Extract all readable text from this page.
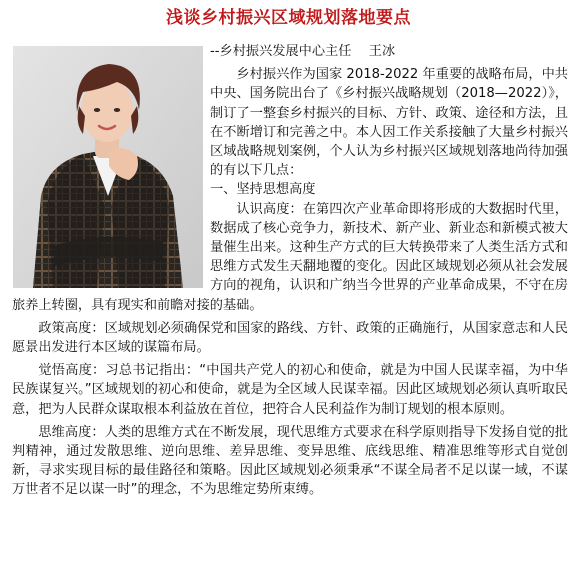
浅谈乡村振兴区域规划落地要点

--乡村振兴发展中心主任　 王冰

乡村振兴作为国家 2018-2022 年重要的战略布局，中共中央、国务院出台了《乡村振兴战略规划（2018—2022）》，制订了一整套乡村振兴的目标、方针、政策、途径和方法，且在不断增订和完善之中。本人因工作关系接触了大量乡村振兴区域战略规划案例，个人认为乡村振兴区域规划落地尚待加强的有以下几点：

一、坚持思想高度

认识高度：在第四次产业革命即将形成的大数据时代里，数据成了核心竞争力，新技术、新产业、新业态和新模式被大量催生出来。这种生产方式的巨大转换带来了人类生活方式和思维方式发生天翻地覆的变化。因此区域规划必须从社会发展方向的视角，认识和广纳当今世界的产业革命成果，不守在房旅养上转圈，具有现实和前瞻对接的基础。

政策高度：区域规划必须确保党和国家的路线、方针、政策的正确施行，从国家意志和人民愿景出发进行本区域的谋篇布局。

觉悟高度：习总书记指出：“中国共产党人的初心和使命，就是为中国人民谋幸福，为中华民族谋复兴。”区域规划的初心和使命，就是为全区域人民谋幸福。因此区域规划必须认真听取民意，把为人民群众谋取根本利益放在首位，把符合人民利益作为制订规划的根本原则。

思维高度：人类的思维方式在不断发展，现代思维方式要求在科学原则指导下发扬自觉的批判精神，通过发散思维、逆向思维、差异思维、变异思维、底线思维、精准思维等形式自觉创新，寻求实现目标的最佳路径和策略。因此区域规划必须秉承“不谋全局者不足以谋一域，不谋万世者不足以谋一时”的理念，不为思维定势所束缚。
